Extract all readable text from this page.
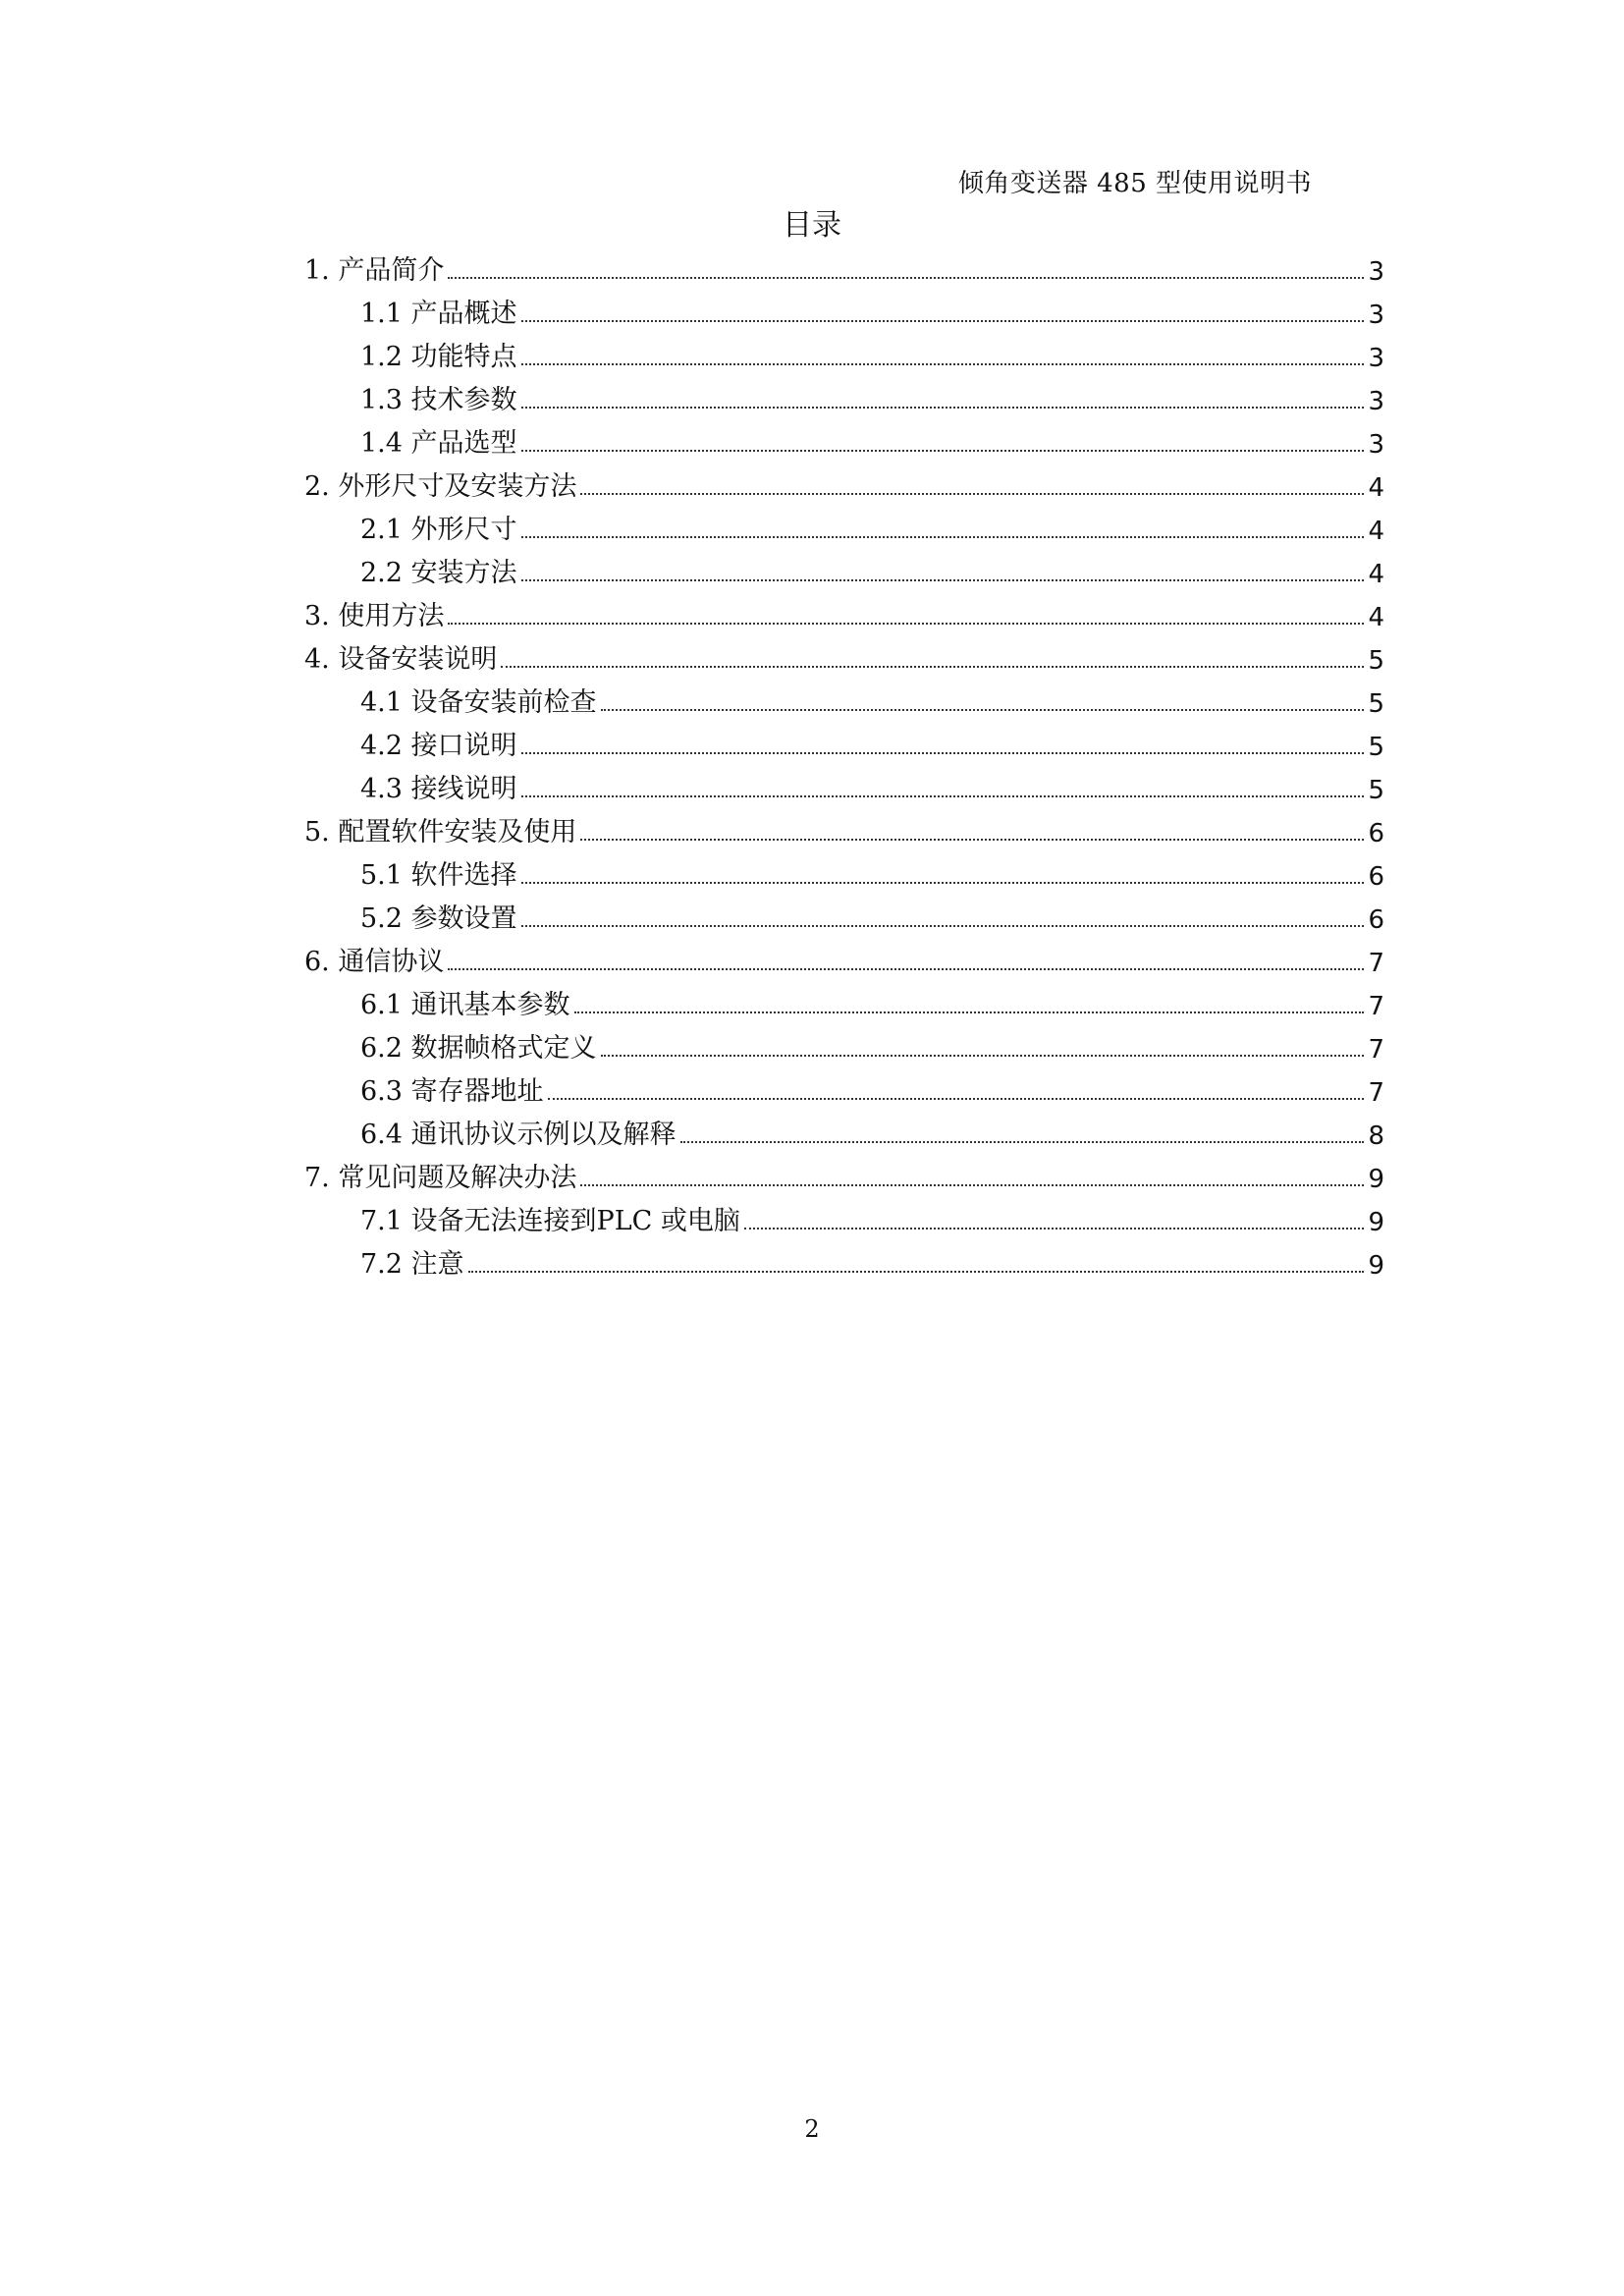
倾角变送器 485 型使用说明书
目录
1. 产品简介	3
1.1 产品概述	3
1.2 功能特点	3
1.3 技术参数	3
1.4 产品选型	3
2. 外形尺寸及安装方法	4
2.1 外形尺寸	4
2.2 安装方法	4
3. 使用方法	4
4. 设备安装说明	5
4.1 设备安装前检查	5
4.2 接口说明	5
4.3 接线说明	5
5. 配置软件安装及使用	6
5.1 软件选择	6
5.2 参数设置	6
6. 通信协议	7
6.1 通讯基本参数	7
6.2 数据帧格式定义	7
6.3 寄存器地址	7
6.4 通讯协议示例以及解释	8
7. 常见问题及解决办法	9
7.1 设备无法连接到PLC 或电脑	9
7.2 注意	9
2
